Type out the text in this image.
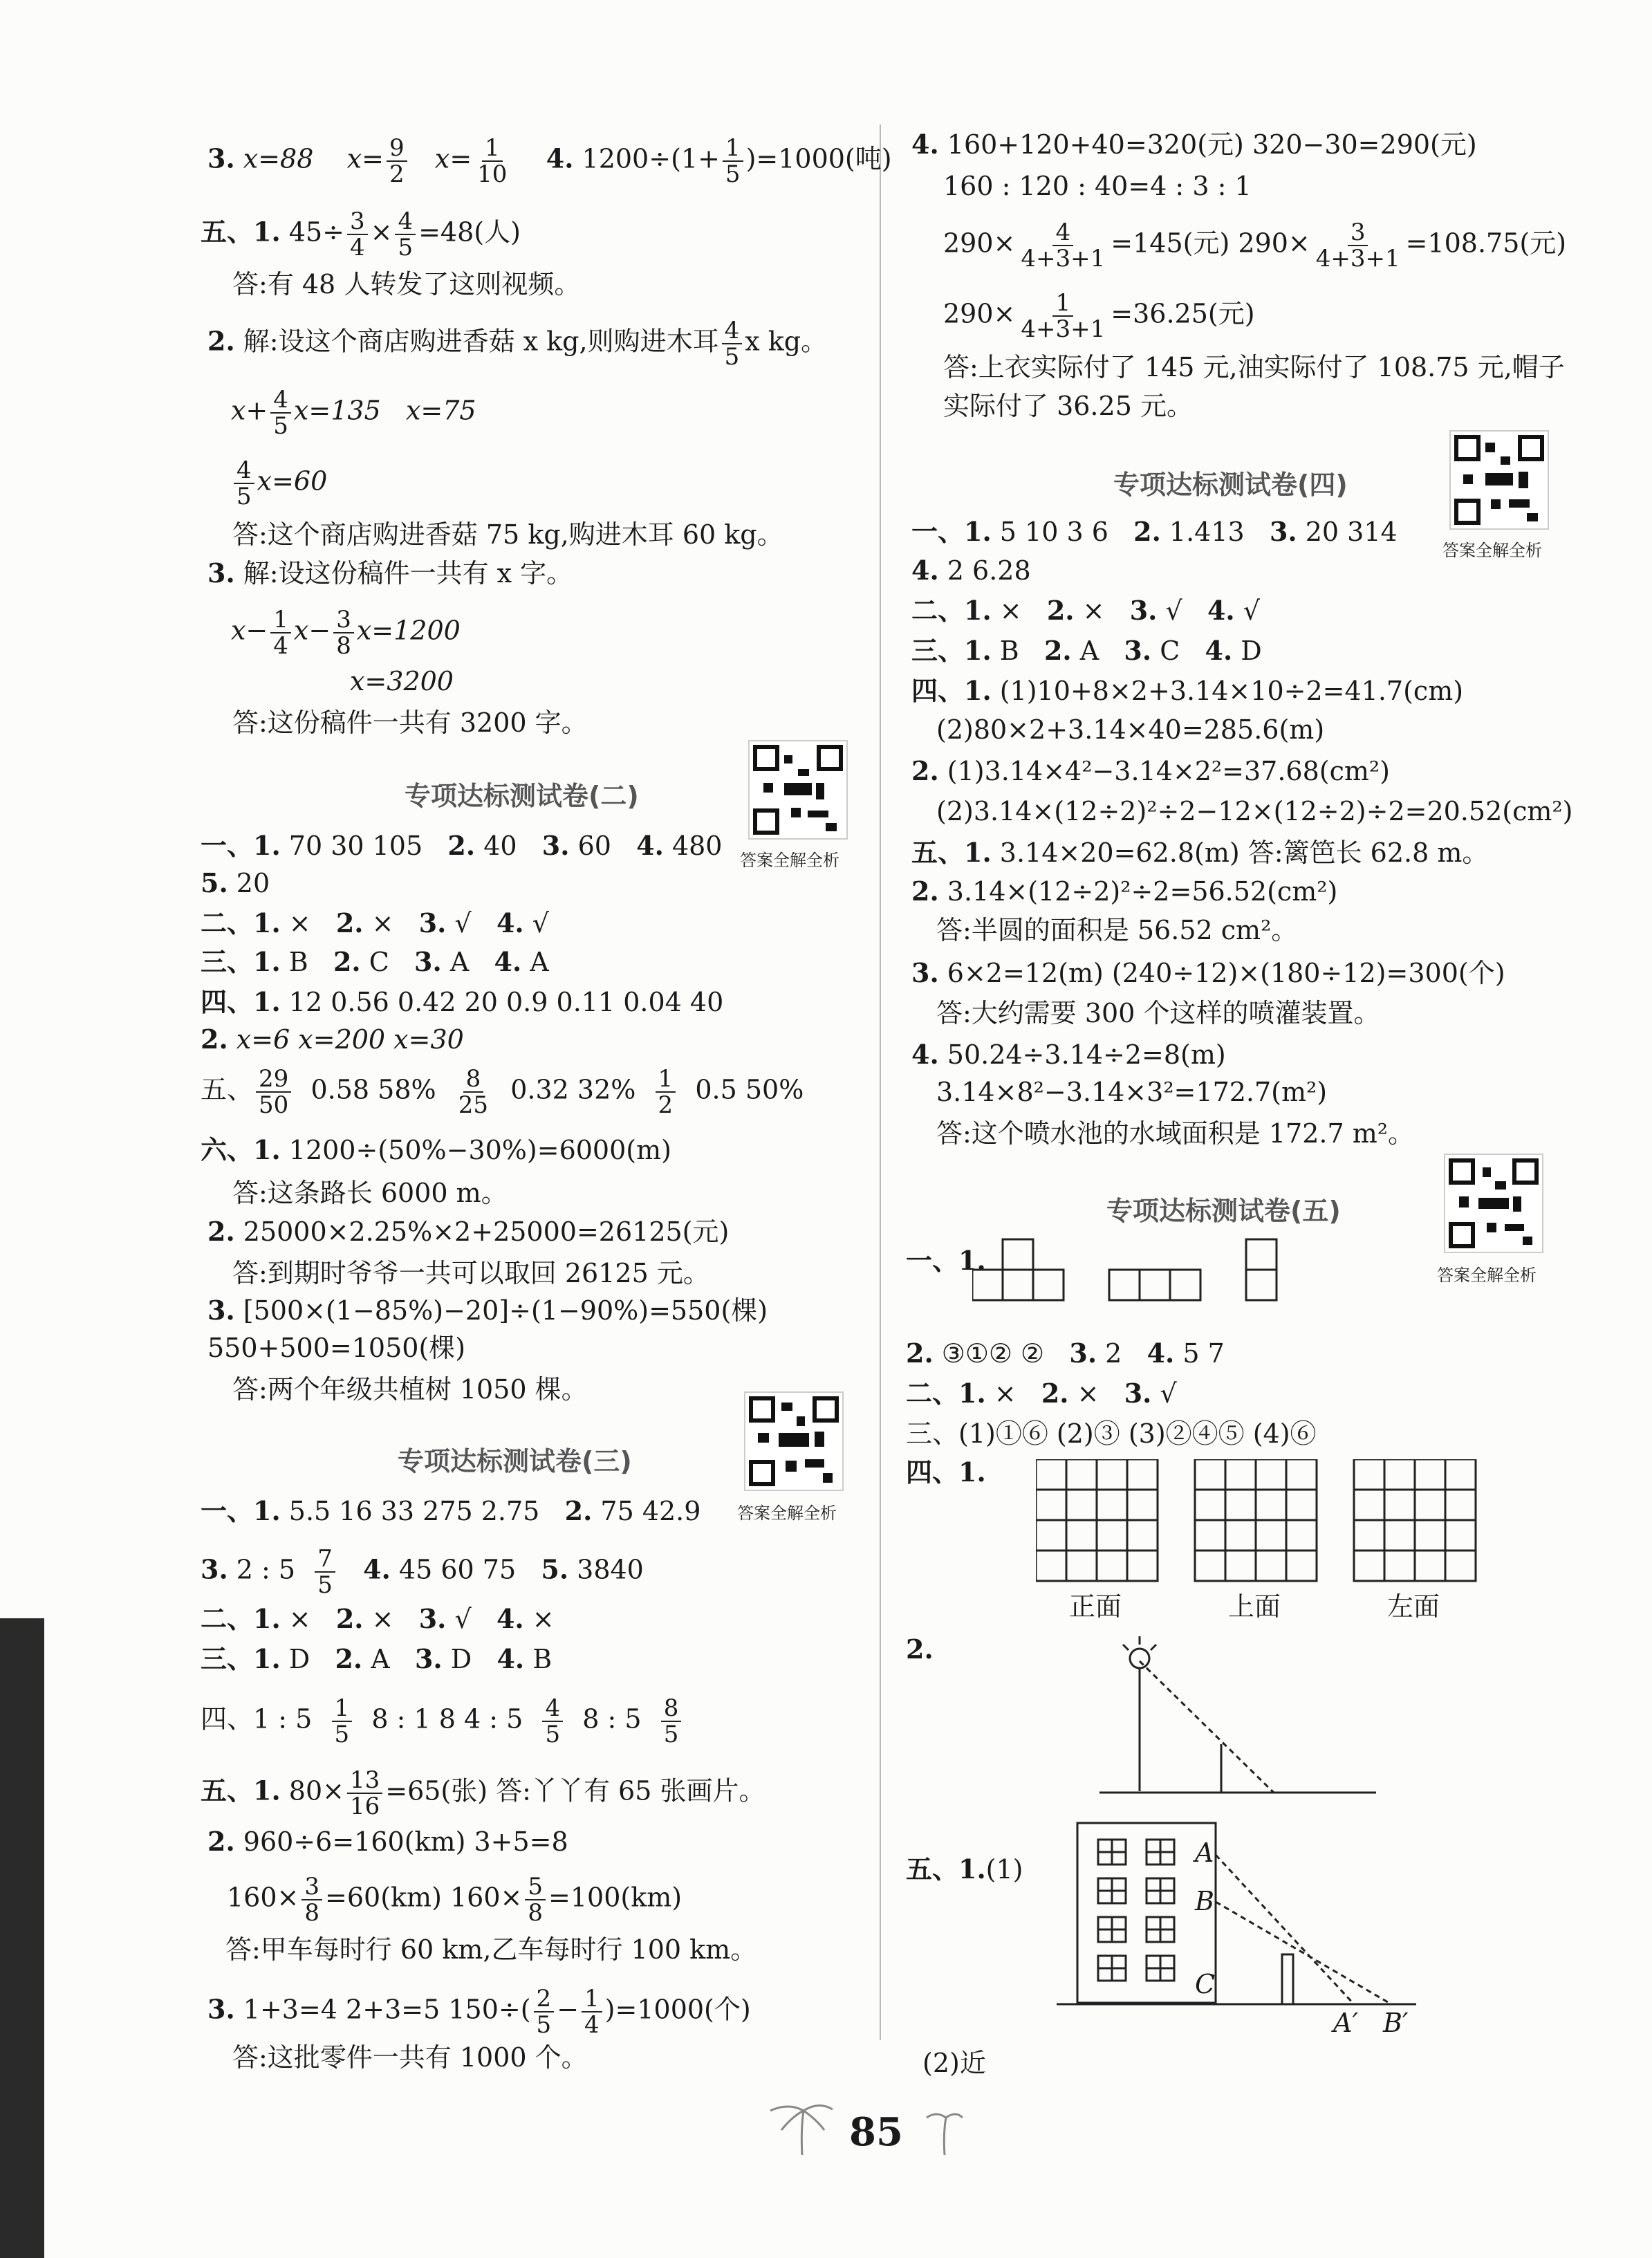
3. x=88 $x= \frac{9}{2} x= \frac{1}{10} 4$. $1200\div(1+ \frac{1}{5} )=1000$(吨)
五、1. $45\div \frac{3}{4} \times \frac{4}{5} =48$(人)
答:有 48 人转发了这则视频。
2. 解:设这个商店购进香菇 x kg,则购进木耳 $\frac{4}{5}$ x kg。
$x+ \frac{4}{5} x=135$ x=75
$\frac{4}{5} x=60$
答:这个商店购进香菇 75 kg,购进木耳 60 kg。
3. 解:设这份稿件一共有 x 字。
$x- \frac{1}{4} x- \frac{3}{8} x=1200$
x=3200
答:这份稿件一共有 3200 字。
专项达标测试卷(二)
答案全解全析
一、1. 70 30 105 2. 40 3. 60 4. 480
5. 20
二、1. × 2. × 3. √ 4. √
三、1. B 2. C 3. A 4. A
四、1. 12 0.56 0.42 20 0.9 0.11 0.04 40
2. x=6 x=200 x=30
五、 $\frac{29}{50} 0.58$ $58\% \frac{8}{25} 0.32$ $32\% \frac{1}{2} 0.5$ 50%
六、1. 1200÷(50%−30%)=6000(m)
答:这条路长 6000 m。
2. 25000×2.25%×2+25000=26125(元)
答:到期时爷爷一共可以取回 26125 元。
3. [500×(1−85%)−20]÷(1−90%)=550(棵)
550+500=1050(棵)
答:两个年级共植树 1050 棵。
专项达标测试卷(三)
答案全解全析
一、1. 5.5 16 33 275 2.75 2. 75 42.9
3. 2 : $5 \frac{7}{5} 4$. 45 60 75 5. 3840
二、1. × 2. × 3. √ 4. ×
三、1. D 2. A 3. D 4. B
四、1 : $5 \frac{1}{5} 8$ : 1 8 4 : $5 \frac{4}{5} 8$ : $5 \frac{8}{5}$
五、1. $80\times \frac{13}{16} =65$(张) 答:丫丫有 65 张画片。
2. 960÷6=160(km) 3+5=8
$160\times \frac{3}{8} =60(km)$ $160\times \frac{5}{8} =100(km)$
答:甲车每时行 60 km,乙车每时行 100 km。
3. 1+3=4 2+3=5 $150\div( \frac{2}{5} - \frac{1}{4} )=1000$(个)
答:这批零件一共有 1000 个。
4. 160+120+40=320(元) 320−30=290(元)
160 : 120 : 40=4 : 3 : 1
$290\times \frac{4}{4+3+1} =145$(元) $290\times \frac{3}{4+3+1} =108.75$(元)
$290\times \frac{1}{4+3+1} =36.25$(元)
答:上衣实际付了 145 元,油实际付了 108.75 元,帽子
实际付了 36.25 元。
专项达标测试卷(四)
答案全解全析
一、1. 5 10 3 6 2. 1.413 3. 20 314
4. 2 6.28
二、1. × 2. × 3. √ 4. √
三、1. B 2. A 3. C 4. D
四、1. (1)10+8×2+3.14×10÷2=41.7(cm)
(2)80×2+3.14×40=285.6(m)
2. (1)3.14×4²−3.14×2²=37.68(cm²)
(2)3.14×(12÷2)²÷2−12×(12÷2)÷2=20.52(cm²)
五、1. 3.14×20=62.8(m) 答:篱笆长 62.8 m。
2. 3.14×(12÷2)²÷2=56.52(cm²)
答:半圆的面积是 56.52 cm²。
3. 6×2=12(m) (240÷12)×(180÷12)=300(个)
答:大约需要 300 个这样的喷灌装置。
4. 50.24÷3.14÷2=8(m)
3.14×8²−3.14×3²=172.7(m²)
答:这个喷水池的水域面积是 172.7 m²。
专项达标测试卷(五)
答案全解全析
一、1.
2. ③①② ② 3. 2 4. 5 7
二、1. × 2. × 3. √
三、(1)①⑥ (2)③ (3)②④⑤ (4)⑥
四、1.
正面	上面	左面
2.
五、1.(1)
A
B
C
A′ B′
(2)近
85
